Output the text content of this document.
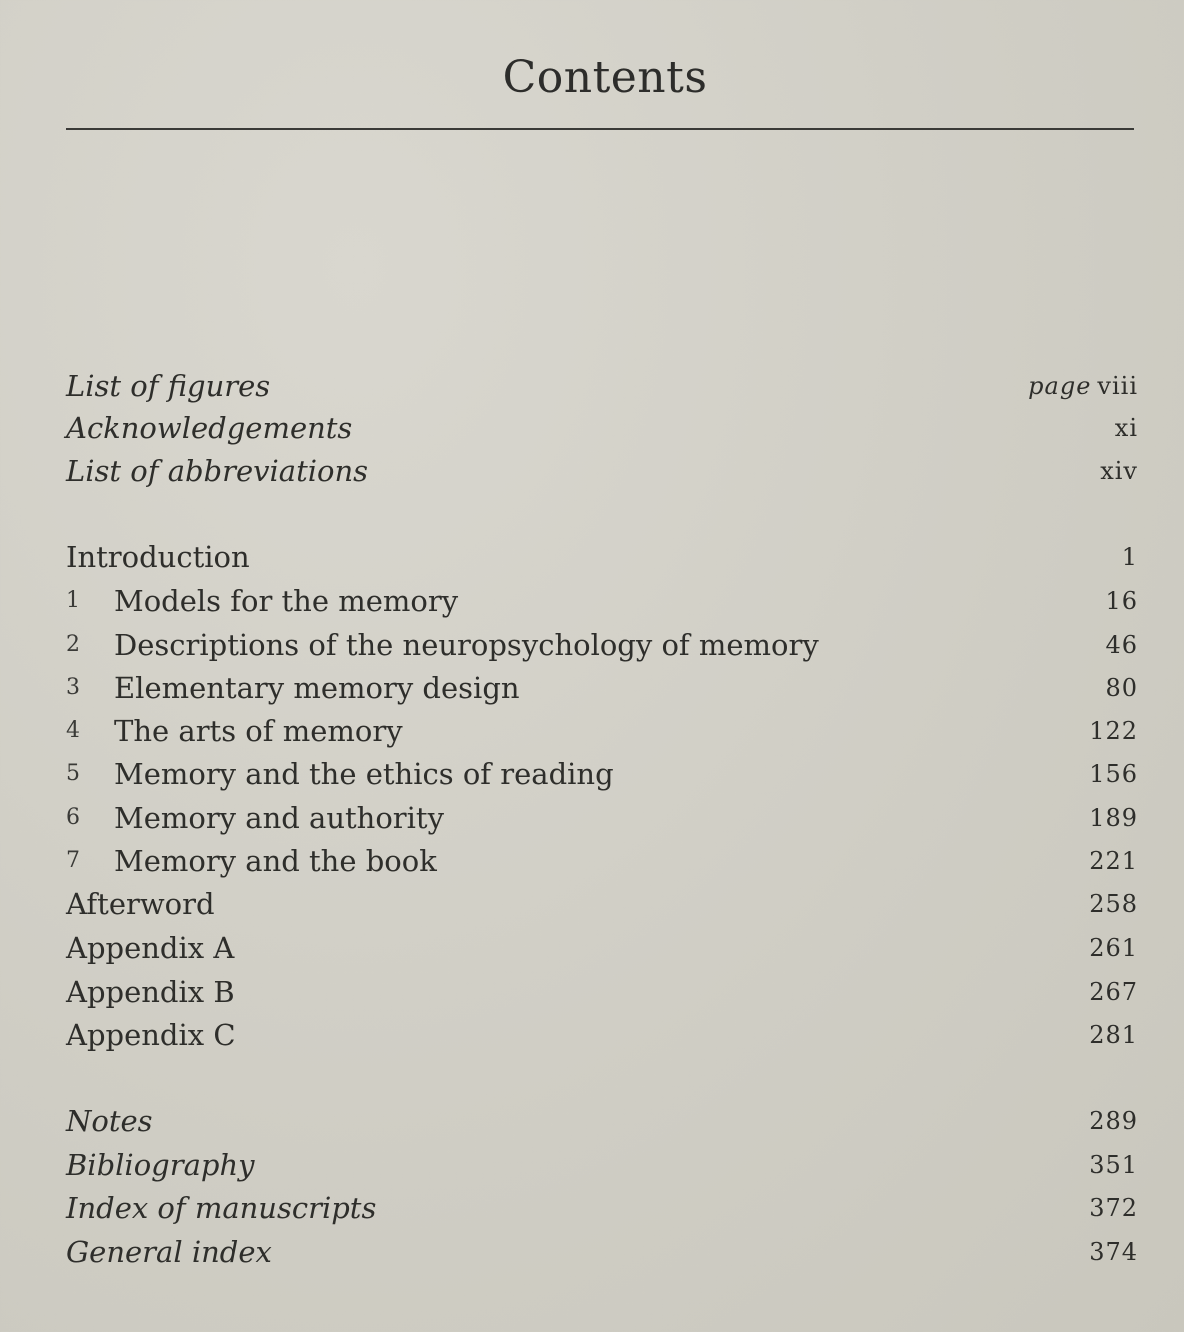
Contents
List of figures	page viii
Acknowledgements	xi
List of abbreviations	xiv
Introduction	1
1	Models for the memory	16
2	Descriptions of the neuropsychology of memory	46
3	Elementary memory design	80
4	The arts of memory	122
5	Memory and the ethics of reading	156
6	Memory and authority	189
7	Memory and the book	221
Afterword	258
Appendix A	261
Appendix B	267
Appendix C	281
Notes	289
Bibliography	351
Index of manuscripts	372
General index	374
